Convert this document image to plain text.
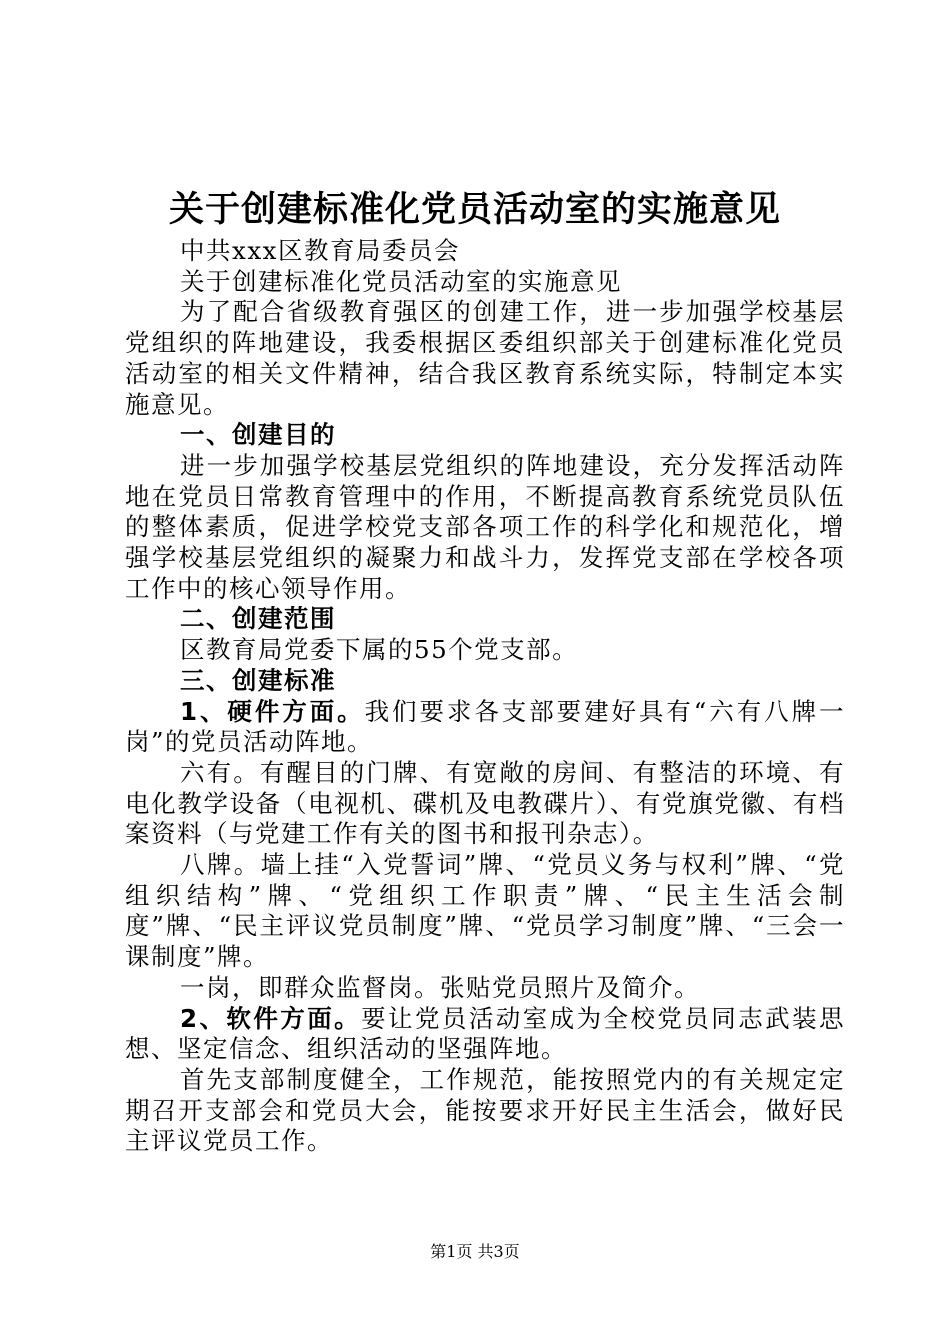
关于创建标准化党员活动室的实施意见

中共xxx区教育局委员会

关于创建标准化党员活动室的实施意见

为了配合省级教育强区的创建工作，进一步加强学校基层党组织的阵地建设，我委根据区委组织部关于创建标准化党员活动室的相关文件精神，结合我区教育系统实际，特制定本实施意见。

一、创建目的

进一步加强学校基层党组织的阵地建设，充分发挥活动阵地在党员日常教育管理中的作用，不断提高教育系统党员队伍的整体素质，促进学校党支部各项工作的科学化和规范化，增强学校基层党组织的凝聚力和战斗力，发挥党支部在学校各项工作中的核心领导作用。

二、创建范围

区教育局党委下属的55个党支部。

三、创建标准

1、硬件方面。我们要求各支部要建好具有“六有八牌一岗”的党员活动阵地。

六有。有醒目的门牌、有宽敞的房间、有整洁的环境、有电化教学设备（电视机、碟机及电教碟片）、有党旗党徽、有档案资料（与党建工作有关的图书和报刊杂志）。

八牌。墙上挂“入党誓词”牌、“党员义务与权利”牌、“党组织结构”牌、“党组织工作职责”牌、“民主生活会制度”牌、“民主评议党员制度”牌、“党员学习制度”牌、“三会一课制度”牌。

一岗，即群众监督岗。张贴党员照片及简介。

2、软件方面。要让党员活动室成为全校党员同志武装思想、坚定信念、组织活动的坚强阵地。

首先支部制度健全，工作规范，能按照党内的有关规定定期召开支部会和党员大会，能按要求开好民主生活会，做好民主评议党员工作。

第1页 共3页
